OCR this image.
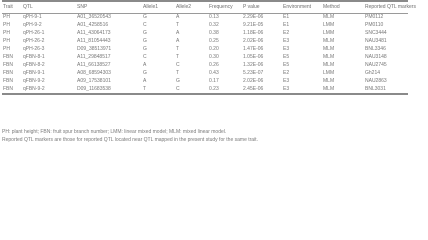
Trait	QTL	SNP	Allele1	Allele2	Frequency	P value	Environment	Method	Reported QTL markers
PH	qPH-9-1	A01_36520543	G	A	0.13	2.29E-06	E1	MLM	PM0112
PH	qPH-9-2	A01_4258516	C	T	0.32	9.21E-05	E1	LMM	PM0110
PH	qPH-26-1	A11_43064173	G	A	0.38	1.18E-06	E2	LMM	SNC3444
PH	qPH-26-2	A11_81054443	G	A	0.25	2.02E-06	E3	MLM	NAU3481
PH	qPH-26-3	D09_38513971	G	T	0.20	1.47E-06	E3	MLM	BNL3346
FBN	qFBN-8-1	A11_29848517	C	T	0.30	1.05E-06	E5	MLM	NAU3148
FBN	qFBN-8-2	A11_66138527	A	C	0.26	1.32E-06	E5	MLM	NAU2745
FBN	qFBN-9-1	A08_68594303	G	T	0.43	5.23E-07	E2	LMM	Gh214
FBN	qFBN-9-2	A09_17538101	A	G	0.17	2.02E-06	E3	MLM	NAU2863
FBN	qFBN-9-2	D09_11683538	T	C	0.23	2.45E-06	E3	MLM	BNL3031
PH: plant height; FBN: fruit spur branch number; LMM: linear mixed model; MLM: mixed linear model.
Reported QTL markers are those for reported QTL located near QTL mapped in the present study for the same trait.
